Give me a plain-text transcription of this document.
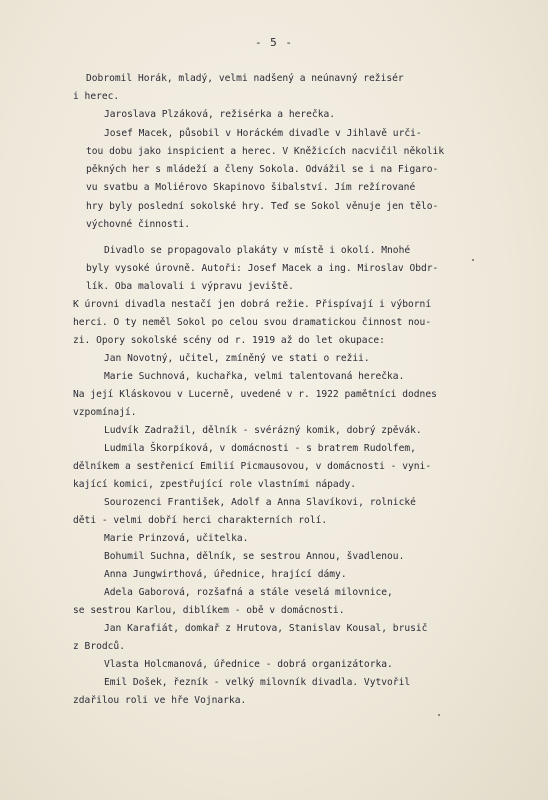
- 5 -
Dobromil Horák, mladý, velmi nadšený a neúnavný režisér
i herec.
Jaroslava Plzáková, režisérka a herečka.
Josef Macek, působil v Horáckém divadle v Jihlavě urči-
tou dobu jako inspicient a herec. V Kněžicích nacvičil několik
pěkných her s mládeží a členy Sokola. Odvážil se i na Figaro-
vu svatbu a Moliérovo Skapinovo šibalství. Jím režírované
hry byly poslední sokolské hry. Teď se Sokol věnuje jen tělo-
výchovné činnosti.
Divadlo se propagovalo plakáty v místě i okolí. Mnohé
byly vysoké úrovně. Autoři: Josef Macek a ing. Miroslav Obdr-
lík. Oba malovali i výpravu jeviště.
K úrovni divadla nestačí jen dobrá režie. Přispívají i výborní
herci. O ty neměl Sokol po celou svou dramatickou činnost nou-
zi. Opory sokolské scény od r. 1919 až do let okupace:
Jan Novotný, učitel, zmíněný ve stati o režii.
Marie Suchnová, kuchařka, velmi talentovaná herečka.
Na její Kláskovou v Lucerně, uvedené v r. 1922 pamětníci dodnes
vzpomínají.
Ludvík Zadražil, dělník - svérázný komik, dobrý zpěvák.
Ludmila Škorpíková, v domácnosti - s bratrem Rudolfem,
dělníkem a sestřenicí Emilií Picmausovou, v domácnosti - vyni-
kající komici, zpestřující role vlastními nápady.
Sourozenci František, Adolf a Anna Slavíkovi, rolnické
děti - velmi dobří herci charakterních rolí.
Marie Prinzová, učitelka.
Bohumil Suchna, dělník, se sestrou Annou, švadlenou.
Anna Jungwirthová, úřednice, hrající dámy.
Adela Gaborová, rozšafná a stále veselá milovnice,
se sestrou Karlou, diblíkem - obě v domácnosti.
Jan Karafiát, domkař z Hrutova, Stanislav Kousal, brusič
z Brodců.
Vlasta Holcmanová, úřednice - dobrá organizátorka.
Emil Došek, řezník - velký milovník divadla. Vytvořil
zdařilou roli ve hře Vojnarka.
